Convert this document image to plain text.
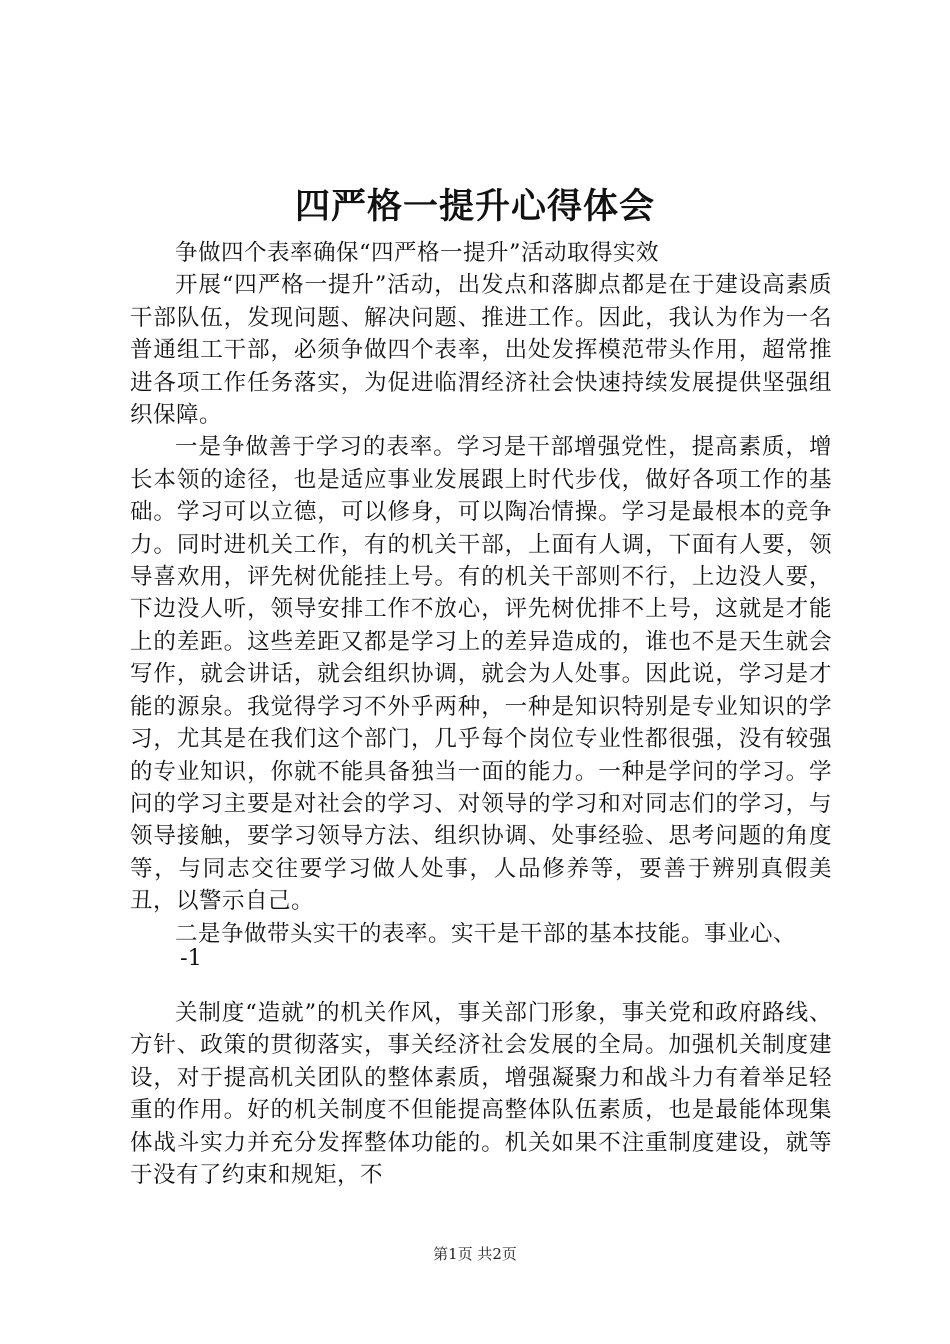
四严格一提升心得体会

争做四个表率确保“四严格一提升”活动取得实效

开展“四严格一提升”活动，出发点和落脚点都是在于建设高素质干部队伍，发现问题、解决问题、推进工作。因此，我认为作为一名普通组工干部，必须争做四个表率，出处发挥模范带头作用，超常推进各项工作任务落实，为促进临渭经济社会快速持续发展提供坚强组织保障。

一是争做善于学习的表率。学习是干部增强党性，提高素质，增长本领的途径，也是适应事业发展跟上时代步伐，做好各项工作的基础。学习可以立德，可以修身，可以陶冶情操。学习是最根本的竞争力。同时进机关工作，有的机关干部，上面有人调，下面有人要，领导喜欢用，评先树优能挂上号。有的机关干部则不行，上边没人要，下边没人听，领导安排工作不放心，评先树优排不上号，这就是才能上的差距。这些差距又都是学习上的差异造成的，谁也不是天生就会写作，就会讲话，就会组织协调，就会为人处事。因此说，学习是才能的源泉。我觉得学习不外乎两种，一种是知识特别是专业知识的学习，尤其是在我们这个部门，几乎每个岗位专业性都很强，没有较强的专业知识，你就不能具备独当一面的能力。一种是学问的学习。学问的学习主要是对社会的学习、对领导的学习和对同志们的学习，与领导接触，要学习领导方法、组织协调、处事经验、思考问题的角度等，与同志交往要学习做人处事，人品修养等，要善于辨别真假美丑，以警示自己。

二是争做带头实干的表率。实干是干部的基本技能。事业心、

-1

关制度“造就”的机关作风，事关部门形象，事关党和政府路线、方针、政策的贯彻落实，事关经济社会发展的全局。加强机关制度建设，对于提高机关团队的整体素质，增强凝聚力和战斗力有着举足轻重的作用。好的机关制度不但能提高整体队伍素质，也是最能体现集体战斗实力并充分发挥整体功能的。机关如果不注重制度建设，就等于没有了约束和规矩，不

第1页 共2页
